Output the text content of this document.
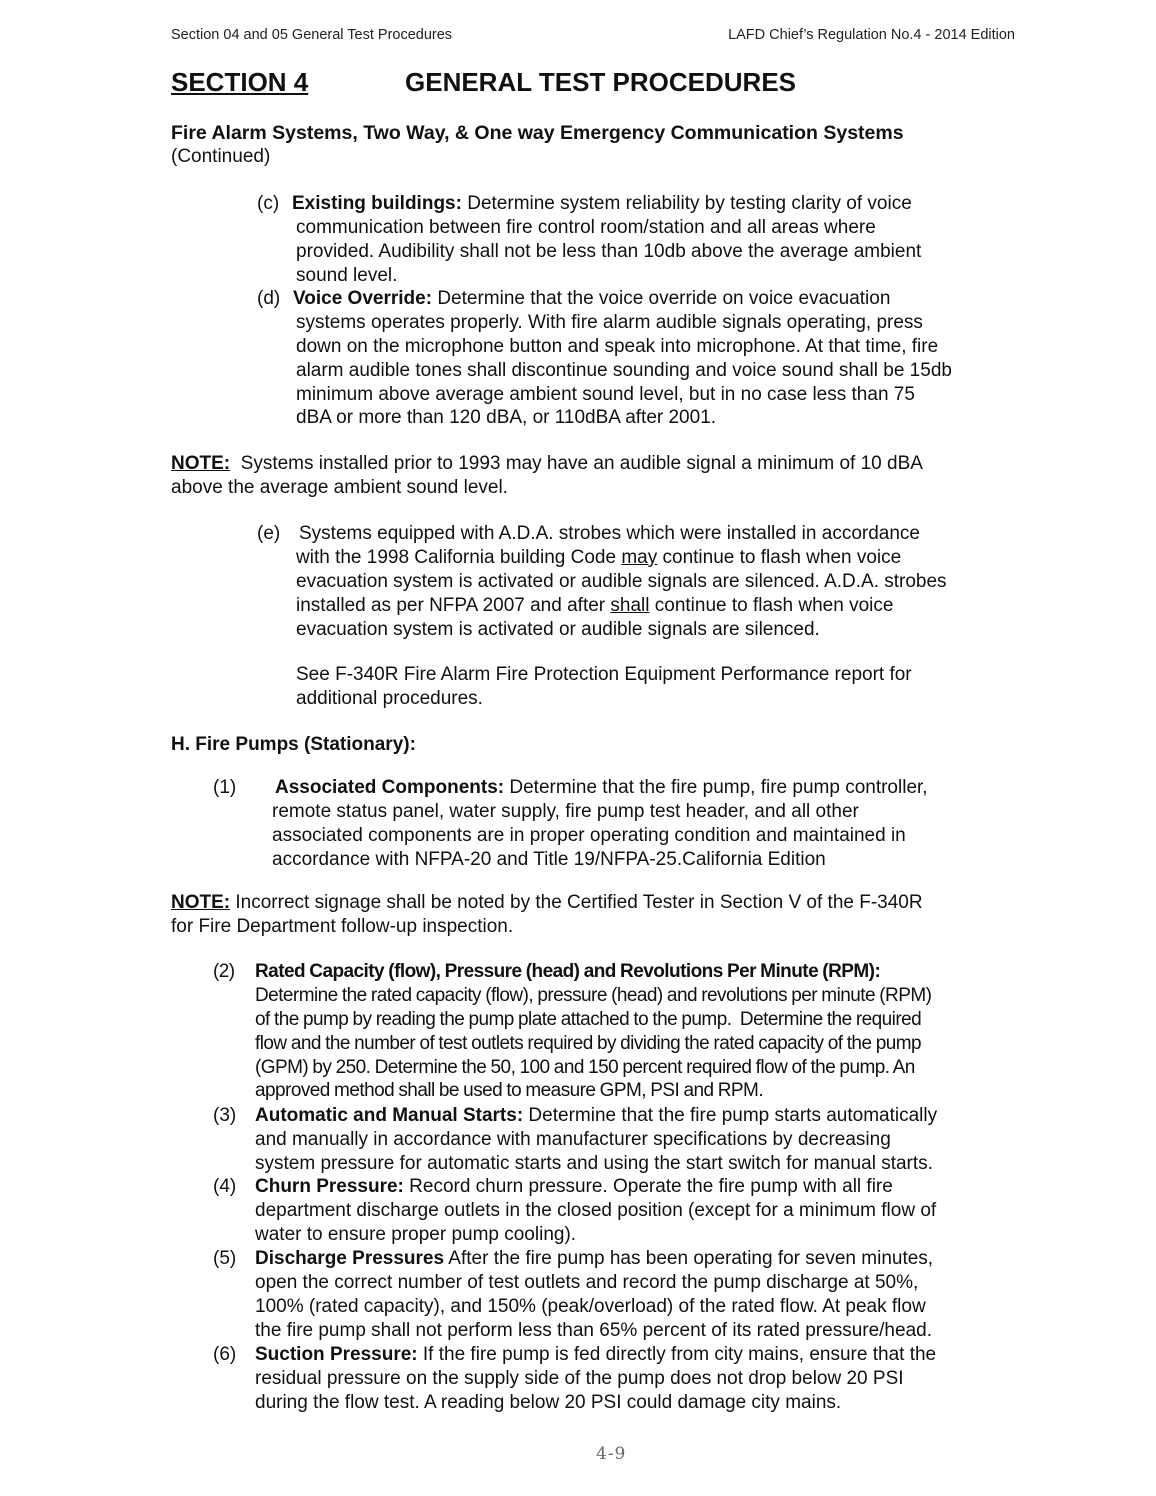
Section 04 and 05 General Test Procedures	LAFD Chief’s Regulation No.4 - 2014 Edition
SECTION 4	GENERAL TEST PROCEDURES
Fire Alarm Systems, Two Way, & One way Emergency Communication Systems
(Continued)
(c) Existing buildings: Determine system reliability by testing clarity of voice
communication between fire control room/station and all areas where
provided. Audibility shall not be less than 10db above the average ambient
sound level.
(d) Voice Override: Determine that the voice override on voice evacuation
systems operates properly. With fire alarm audible signals operating, press
down on the microphone button and speak into microphone. At that time, fire
alarm audible tones shall discontinue sounding and voice sound shall be 15db
minimum above average ambient sound level, but in no case less than 75
dBA or more than 120 dBA, or 110dBA after 2001.
NOTE:  Systems installed prior to 1993 may have an audible signal a minimum of 10 dBA
above the average ambient sound level.
(e) Systems equipped with A.D.A. strobes which were installed in accordance
with the 1998 California building Code may continue to flash when voice
evacuation system is activated or audible signals are silenced. A.D.A. strobes
installed as per NFPA 2007 and after shall continue to flash when voice
evacuation system is activated or audible signals are silenced.
See F-340R Fire Alarm Fire Protection Equipment Performance report for
additional procedures.
H. Fire Pumps (Stationary):
(1) Associated Components: Determine that the fire pump, fire pump controller,
remote status panel, water supply, fire pump test header, and all other
associated components are in proper operating condition and maintained in
accordance with NFPA-20 and Title 19/NFPA-25.California Edition
NOTE: Incorrect signage shall be noted by the Certified Tester in Section V of the F-340R
for Fire Department follow-up inspection.
(2) Rated Capacity (flow), Pressure (head) and Revolutions Per Minute (RPM):
Determine the rated capacity (flow), pressure (head) and revolutions per minute (RPM)
of the pump by reading the pump plate attached to the pump.  Determine the required
flow and the number of test outlets required by dividing the rated capacity of the pump
(GPM) by 250. Determine the 50, 100 and 150 percent required flow of the pump. An
approved method shall be used to measure GPM, PSI and RPM.
(3) Automatic and Manual Starts: Determine that the fire pump starts automatically
and manually in accordance with manufacturer specifications by decreasing
system pressure for automatic starts and using the start switch for manual starts.
(4) Churn Pressure: Record churn pressure. Operate the fire pump with all fire
department discharge outlets in the closed position (except for a minimum flow of
water to ensure proper pump cooling).
(5) Discharge Pressures After the fire pump has been operating for seven minutes,
open the correct number of test outlets and record the pump discharge at 50%,
100% (rated capacity), and 150% (peak/overload) of the rated flow. At peak flow
the fire pump shall not perform less than 65% percent of its rated pressure/head.
(6) Suction Pressure: If the fire pump is fed directly from city mains, ensure that the
residual pressure on the supply side of the pump does not drop below 20 PSI
during the flow test. A reading below 20 PSI could damage city mains.
4-9
